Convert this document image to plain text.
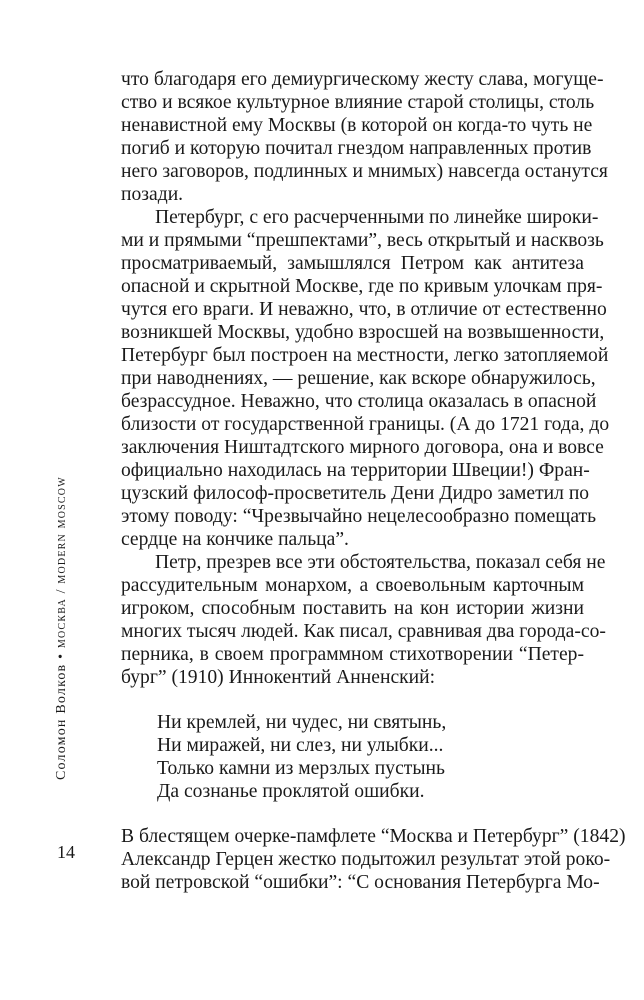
Соломон Волков • москва / modern moscow
14
что благодаря его демиургическому жесту слава, могуще-
ство и всякое культурное влияние старой столицы, столь
ненавистной ему Москвы (в которой он когда-то чуть не
погиб и которую почитал гнездом направленных против
него заговоров, подлинных и мнимых) навсегда останутся
позади.
Петербург, с его расчерченными по линейке широки-
ми и прямыми “прешпектами”, весь открытый и насквозь
просматриваемый, замышлялся Петром как антитеза
опасной и скрытной Москве, где по кривым улочкам пря-
чутся его враги. И неважно, что, в отличие от естественно
возникшей Москвы, удобно взросшей на возвышенности,
Петербург был построен на местности, легко затопляемой
при наводнениях, — решение, как вскоре обнаружилось,
безрассудное. Неважно, что столица оказалась в опасной
близости от государственной границы. (А до 1721 года, до
заключения Ништадтского мирного договора, она и вовсе
официально находилась на территории Швеции!) Фран-
цузский философ-просветитель Дени Дидро заметил по
этому поводу: “Чрезвычайно нецелесообразно помещать
сердце на кончике пальца”.
Петр, презрев все эти обстоятельства, показал себя не
рассудительным монархом, а своевольным карточным
игроком, способным поставить на кон истории жизни
многих тысяч людей. Как писал, сравнивая два города-со-
перника, в своем программном стихотворении “Петер-
бург” (1910) Иннокентий Анненский:
Ни кремлей, ни чудес, ни святынь,
Ни миражей, ни слез, ни улыбки...
Только камни из мерзлых пустынь
Да сознанье проклятой ошибки.
В блестящем очерке-памфлете “Москва и Петербург” (1842)
Александр Герцен жестко подытожил результат этой роко-
вой петровской “ошибки”: “С основания Петербурга Мо-
